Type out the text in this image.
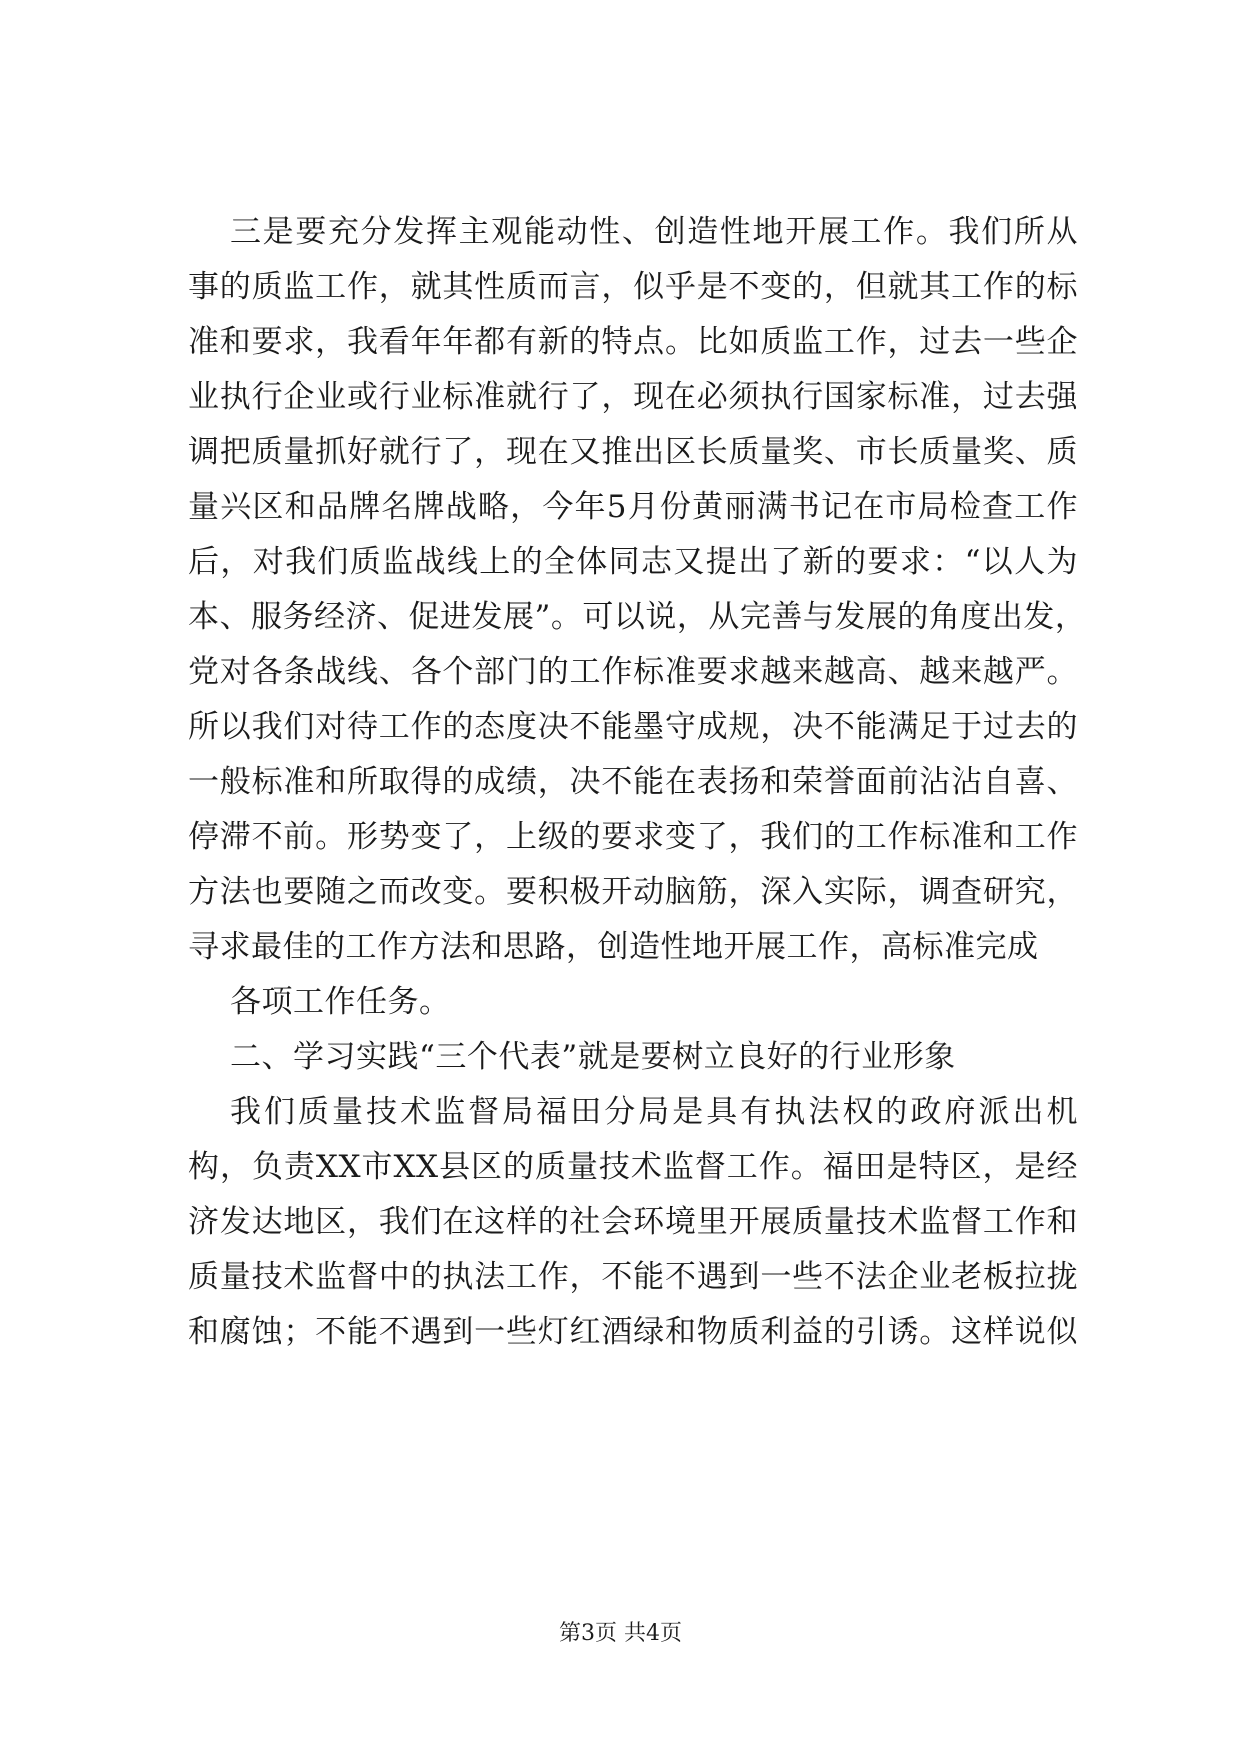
三是要充分发挥主观能动性、创造性地开展工作。我们所从
事的质监工作，就其性质而言，似乎是不变的，但就其工作的标
准和要求，我看年年都有新的特点。比如质监工作，过去一些企
业执行企业或行业标准就行了，现在必须执行国家标准，过去强
调把质量抓好就行了，现在又推出区长质量奖、市长质量奖、质
量兴区和品牌名牌战略，今年5月份黄丽满书记在市局检查工作
后，对我们质监战线上的全体同志又提出了新的要求：“以人为
本、服务经济、促进发展”。可以说，从完善与发展的角度出发，
党对各条战线、各个部门的工作标准要求越来越高、越来越严。
所以我们对待工作的态度决不能墨守成规，决不能满足于过去的
一般标准和所取得的成绩，决不能在表扬和荣誉面前沾沾自喜、
停滞不前。形势变了，上级的要求变了，我们的工作标准和工作
方法也要随之而改变。要积极开动脑筋，深入实际，调查研究，
寻求最佳的工作方法和思路，创造性地开展工作，高标准完成
各项工作任务。
二、学习实践“三个代表”就是要树立良好的行业形象
我们质量技术监督局福田分局是具有执法权的政府派出机
构，负责XX市XX县区的质量技术监督工作。福田是特区，是经
济发达地区，我们在这样的社会环境里开展质量技术监督工作和
质量技术监督中的执法工作，不能不遇到一些不法企业老板拉拢
和腐蚀；不能不遇到一些灯红酒绿和物质利益的引诱。这样说似
第3页 共4页
